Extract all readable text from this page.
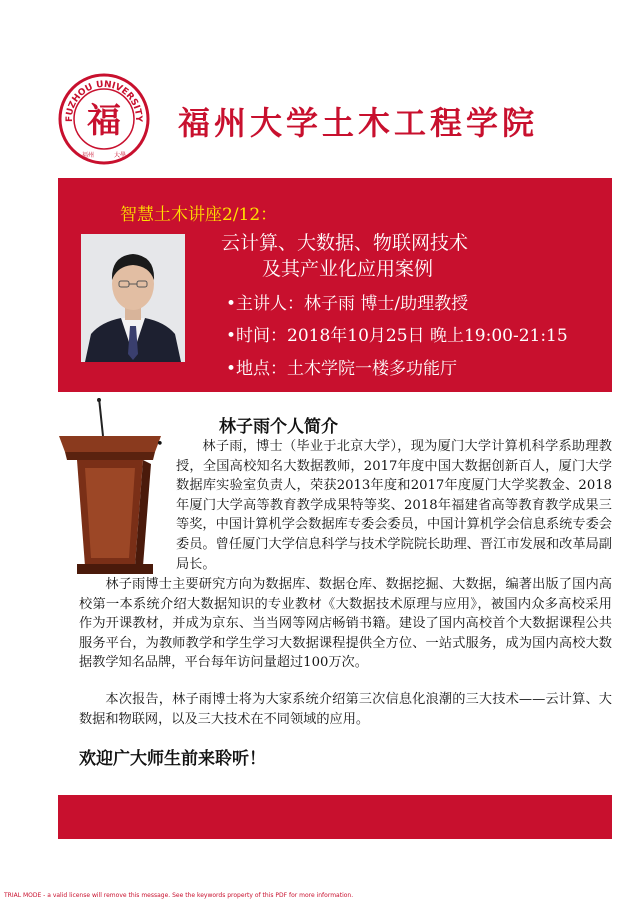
FUZHOU UNIVERSITY
福
福州	大學
福州大学土木工程学院
智慧土木讲座2/12：
云计算、大数据、物联网技术
及其产业化应用案例
•主讲人：林子雨 博士/助理教授
•时间：2018年10月25日 晚上19:00-21:15
•地点：土木学院一楼多功能厅
林子雨个人简介
•	林子雨，博士（毕业于北京大学），现为厦门大学计算机科学系助理教授，全国高校知名大数据教师，2017年度中国大数据创新百人，厦门大学数据库实验室负责人，荣获2013年度和2017年度厦门大学奖教金、2018年厦门大学高等教育教学成果特等奖、2018年福建省高等教育教学成果三等奖，中国计算机学会数据库专委会委员，中国计算机学会信息系统专委会委员。曾任厦门大学信息科学与技术学院院长助理、晋江市发展和改革局副局长。

林子雨博士主要研究方向为数据库、数据仓库、数据挖掘、大数据，编著出版了国内高校第一本系统介绍大数据知识的专业教材《大数据技术原理与应用》，被国内众多高校采用作为开课教材，并成为京东、当当网等网店畅销书籍。建设了国内高校首个大数据课程公共服务平台，为教师教学和学生学习大数据课程提供全方位、一站式服务，成为国内高校大数据教学知名品牌，平台每年访问量超过100万次。

本次报告，林子雨博士将为大家系统介绍第三次信息化浪潮的三大技术——云计算、大数据和物联网，以及三大技术在不同领域的应用。

欢迎广大师生前来聆听！
TRIAL MODE - a valid license will remove this message. See the keywords property of this PDF for more information.
